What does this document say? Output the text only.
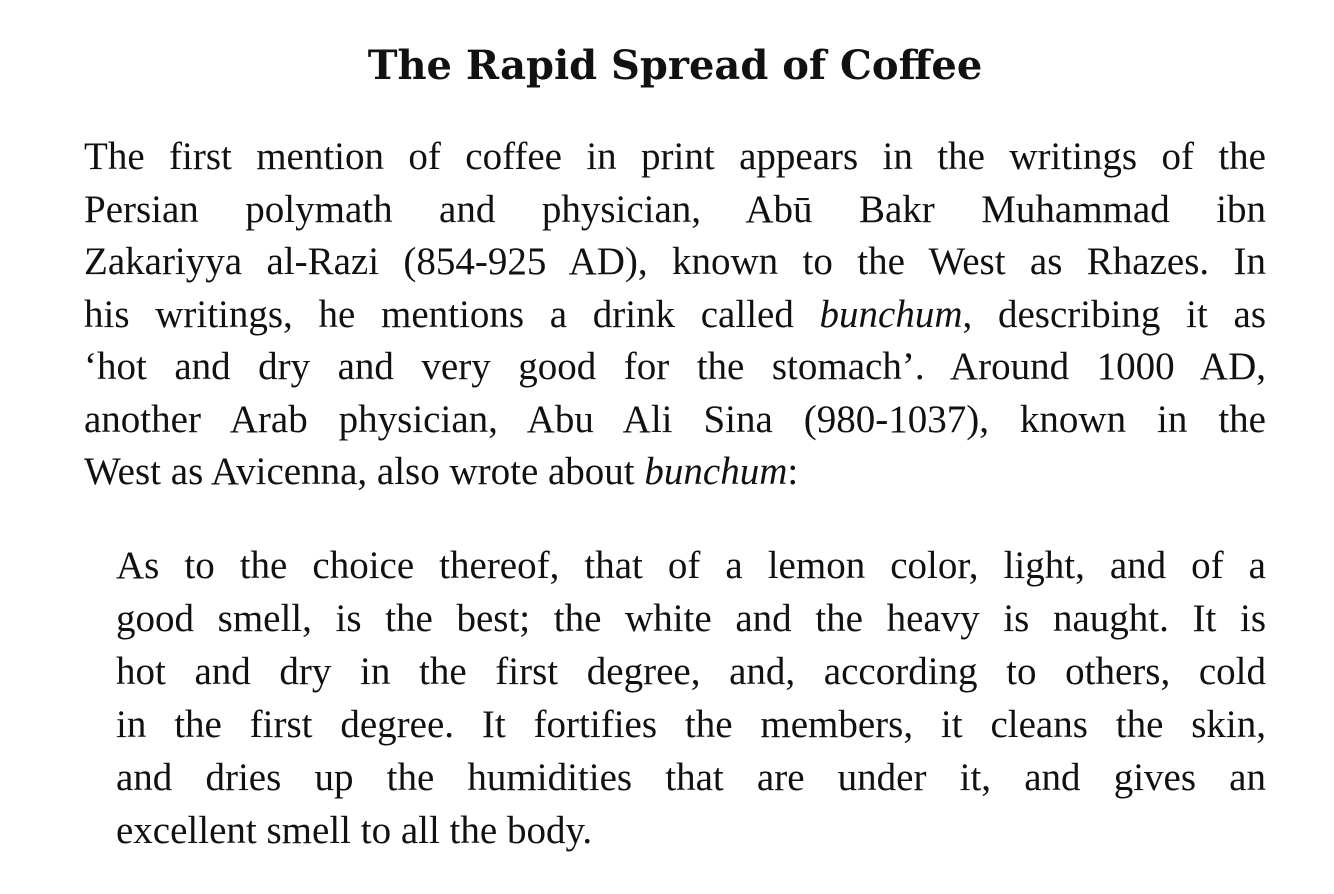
The Rapid Spread of Coffee
The first mention of coffee in print appears in the writings of the
Persian polymath and physician, Abū Bakr Muhammad ibn
Zakariyya al-Razi (854-925 AD), known to the West as Rhazes. In
his writings, he mentions a drink called bunchum, describing it as
‘hot and dry and very good for the stomach’. Around 1000 AD,
another Arab physician, Abu Ali Sina (980-1037), known in the
West as Avicenna, also wrote about bunchum:
As to the choice thereof, that of a lemon color, light, and of a
good smell, is the best; the white and the heavy is naught. It is
hot and dry in the first degree, and, according to others, cold
in the first degree. It fortifies the members, it cleans the skin,
and dries up the humidities that are under it, and gives an
excellent smell to all the body.
